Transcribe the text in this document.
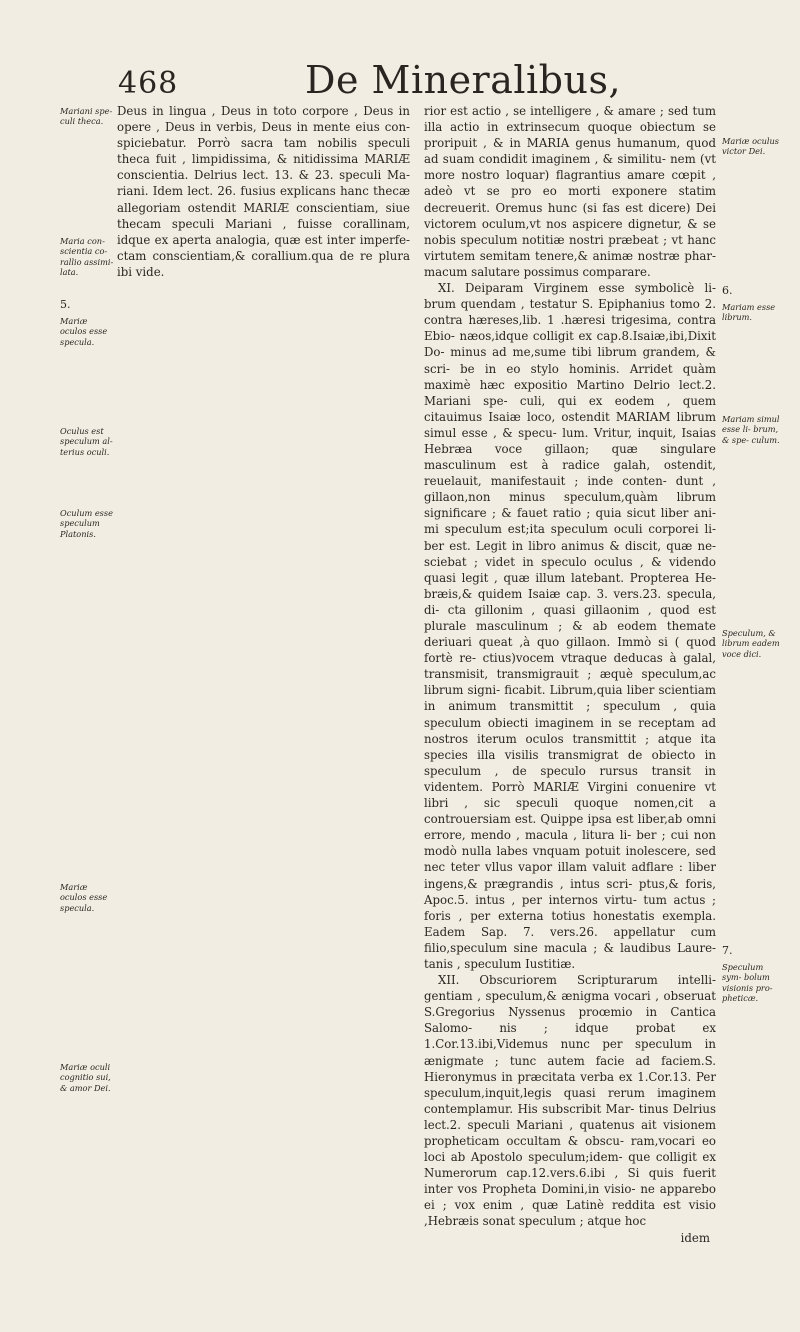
468	De Mineralibus,
Mariani spe- culi theca.
Maria con- scientia co- rallio assimi- lata.
5.
Mariæ oculos esse specula.
Oculus est speculum al- terius oculi.
Oculum esse speculum Platonis.
Mariæ oculos esse specula.
Mariæ oculi cognitio sui, & amor Dei.
Mariæ oculus victor Dei.
6.
Mariam esse librum.
Mariam simul esse li- brum, & spe- culum.
Speculum, & librum eadem voce dici.
7.
Speculum sym- bolum visionis pro- pheticæ.

Deus in lingua , Deus in toto corpore , Deus in opere , Deus in verbis, Deus in mente eius con- spiciebatur. Porrò sacra tam nobilis speculi theca fuit , limpidissima, & nitidissima MARIÆ conscientia. Delrius lect. 13. & 23. speculi Ma- riani. Idem lect. 26. fusius explicans hanc thecæ allegoriam ostendit MARIÆ conscientiam, siue thecam speculi Mariani , fuisse corallinam, idque ex aperta analogia, quæ est inter imperfe- ctam conscientiam,& corallium.qua de re plura ibi vide.

rior est actio , se intelligere , & amare ; sed tum illa actio in extrinsecum quoque obiectum se proripuit , & in MARIA genus humanum, quod ad suam condidit imaginem , & similitu- nem (vt more nostro loquar) flagrantius amare cœpit , adeò vt se pro eo morti exponere statim decreuerit. Oremus hunc (si fas est dicere) Dei victorem oculum,vt nos aspicere dignetur, & se nobis speculum notitiæ nostri præbeat ; vt hanc virtutem semitam tenere,& animæ nostræ phar- macum salutare possimus comparare.

XI. Deiparam Virginem esse symbolicè li- brum quendam , testatur S. Epiphanius tomo 2. contra hæreses,lib. 1 .hæresi trigesima, contra Ebio- næos,idque colligit ex cap.8.Isaiæ,ibi,Dixit Do- minus ad me,sume tibi librum grandem, & scri- be in eo stylo hominis. Arridet quàm maximè hæc expositio Martino Delrio lect.2. Mariani spe- culi, qui ex eodem , quem citauimus Isaiæ loco, ostendit MARIAM librum simul esse , & specu- lum. Vritur, inquit, Isaias Hebræa voce gillaon; quæ singulare masculinum est à radice galah, ostendit, reuelauit, manifestauit ; inde conten- dunt , gillaon,non minus speculum,quàm librum significare ; & fauet ratio ; quia sicut liber ani- mi speculum est;ita speculum oculi corporei li- ber est. Legit in libro animus & discit, quæ ne- sciebat ; videt in speculo oculus , & videndo quasi legit , quæ illum latebant. Propterea He- bræis,& quidem Isaiæ cap. 3. vers.23. specula, di- cta gillonim , quasi gillaonim , quod est plurale masculinum ; & ab eodem themate deriuari queat ,à quo gillaon. Immò si ( quod fortè re- ctius)vocem vtraque deducas à galal, transmisit, transmigrauit ; æquè speculum,ac librum signi- ficabit. Librum,quia liber scientiam in animum transmittit ; speculum , quia speculum obiecti imaginem in se receptam ad nostros iterum oculos transmittit ; atque ita species illa visilis transmigrat de obiecto in speculum , de speculo rursus transit in videntem. Porrò MARIÆ Virgini conuenire vt libri , sic speculi quoque nomen,cit a controuersiam est. Quippe ipsa est liber,ab omni errore, mendo , macula , litura li- ber ; cui non modò nulla labes vnquam potuit inolescere, sed nec teter vllus vapor illam valuit adflare : liber ingens,& prægrandis , intus scri- ptus,& foris, Apoc.5. intus , per internos virtu- tum actus ; foris , per externa totius honestatis exempla. Eadem Sap. 7. vers.26. appellatur cum filio,speculum sine macula ; & laudibus Laure- tanis , speculum Iustitiæ.

XII. Obscuriorem Scripturarum intelli- gentiam , speculum,& ænigma vocari , obseruat S.Gregorius Nyssenus proœmio in Cantica Salomo- nis ; idque probat ex 1.Cor.13.ibi,Videmus nunc per speculum in ænigmate ; tunc autem facie ad faciem.S. Hieronymus in præcitata verba ex 1.Cor.13. Per speculum,inquit,legis quasi rerum imaginem contemplamur. His subscribit Mar- tinus Delrius lect.2. speculi Mariani , quatenus ait visionem propheticam occultam & obscu- ram,vocari eo loci ab Apostolo speculum;idem- que colligit ex Numerorum cap.12.vers.6.ibi , Si quis fuerit inter vos Propheta Domini,in visio- ne apparebo ei ; vox enim , quæ Latinè reddita est visio ,Hebræis sonat speculum ; atque hoc

idem
